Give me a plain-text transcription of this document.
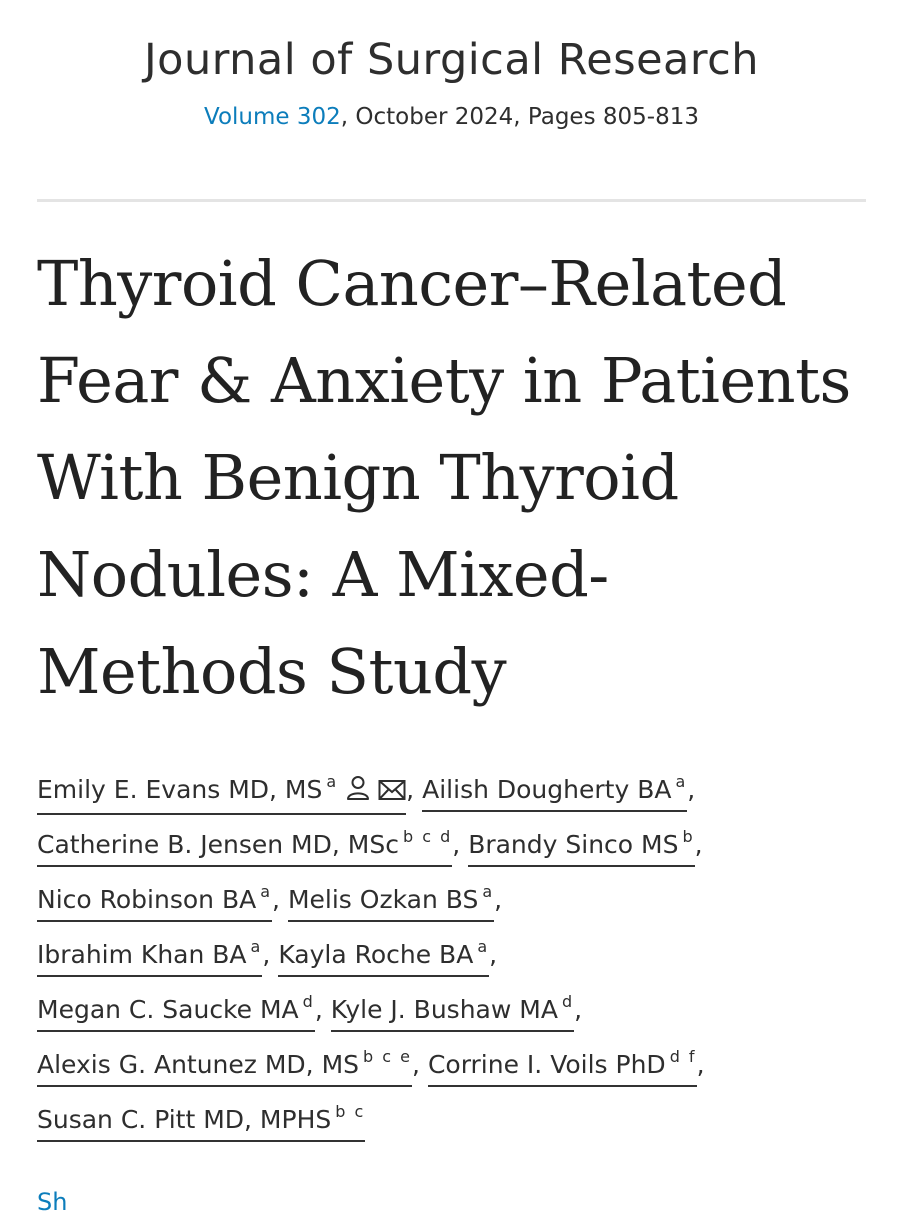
Journal of Surgical Research
Volume 302, October 2024, Pages 805-813
Thyroid Cancer–Related Fear & Anxiety in Patients With Benign Thyroid Nodules: A Mixed-Methods Study
Emily E. Evans MD, MS $^a$	, Ailish Dougherty BA $^a$,
Catherine B. Jensen MD, MSc $^{b c d}$, Brandy Sinco MS $^b$,
Nico Robinson BA $^a$, Melis Ozkan BS $^a$,
Ibrahim Khan BA $^a$, Kayla Roche BA $^a$,
Megan C. Saucke MA $^d$, Kyle J. Bushaw MA $^d$,
Alexis G. Antunez MD, MS $^{b c e}$, Corrine I. Voils PhD $^{d f}$,
Susan C. Pitt MD, MPHS $^{b c}$
Sh
